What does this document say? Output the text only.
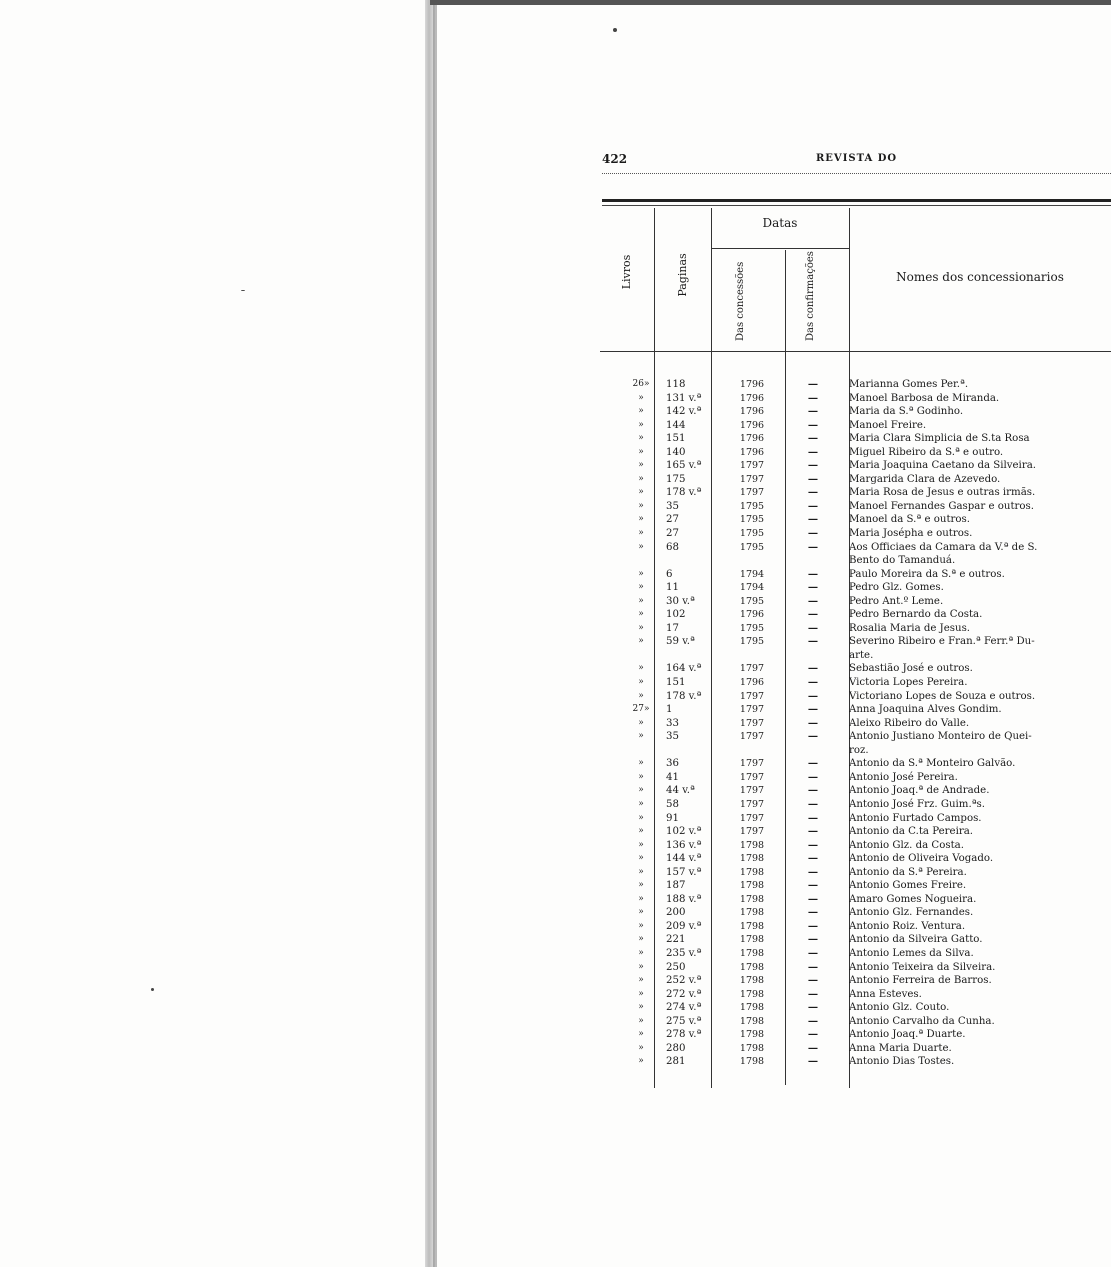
422	REVISTA DO
Livros	Paginas
Datas
Das concessões	Das confirmações	Nomes dos concessionarios
26»	118	1796	—	Marianna Gomes Per.ª.
»	131 v.ª	1796	—	Manoel Barbosa de Miranda.
»	142 v.ª	1796	—	Maria da S.ª Godinho.
»	144	1796	—	Manoel Freire.
»	151	1796	—	Maria Clara Simplicia de S.ta Rosa
»	140	1796	—	Miguel Ribeiro da S.ª e outro.
»	165 v.ª	1797	—	Maria Joaquina Caetano da Silveira.
»	175	1797	—	Margarida Clara de Azevedo.
»	178 v.ª	1797	—	Maria Rosa de Jesus e outras irmãs.
»	35	1795	—	Manoel Fernandes Gaspar e outros.
»	27	1795	—	Manoel da S.ª e outros.
»	27	1795	—	Maria Josépha e outros.
»	68	1795	—	Aos Officiaes da Camara da V.ª de S.
Bento do Tamanduá.
»	6	1794	—	Paulo Moreira da S.ª e outros.
»	11	1794	—	Pedro Glz. Gomes.
»	30 v.ª	1795	—	Pedro Ant.º Leme.
»	102	1796	—	Pedro Bernardo da Costa.
»	17	1795	—	Rosalia Maria de Jesus.
»	59 v.ª	1795	—	Severino Ribeiro e Fran.ª Ferr.ª Du-
arte.
»	164 v.ª	1797	—	Sebastião José e outros.
»	151	1796	—	Victoria Lopes Pereira.
»	178 v.ª	1797	—	Victoriano Lopes de Souza e outros.
27»	1	1797	—	Anna Joaquina Alves Gondim.
»	33	1797	—	Aleixo Ribeiro do Valle.
»	35	1797	—	Antonio Justiano Monteiro de Quei-
roz.
»	36	1797	—	Antonio da S.ª Monteiro Galvão.
»	41	1797	—	Antonio José Pereira.
»	44 v.ª	1797	—	Antonio Joaq.ª de Andrade.
»	58	1797	—	Antonio José Frz. Guim.ªs.
»	91	1797	—	Antonio Furtado Campos.
»	102 v.ª	1797	—	Antonio da C.ta Pereira.
»	136 v.ª	1798	—	Antonio Glz. da Costa.
»	144 v.ª	1798	—	Antonio de Oliveira Vogado.
»	157 v.ª	1798	—	Antonio da S.ª Pereira.
»	187	1798	—	Antonio Gomes Freire.
»	188 v.ª	1798	—	Amaro Gomes Nogueira.
»	200	1798	—	Antonio Glz. Fernandes.
»	209 v.ª	1798	—	Antonio Roiz. Ventura.
»	221	1798	—	Antonio da Silveira Gatto.
»	235 v.ª	1798	—	Antonio Lemes da Silva.
»	250	1798	—	Antonio Teixeira da Silveira.
»	252 v.ª	1798	—	Antonio Ferreira de Barros.
»	272 v.ª	1798	—	Anna Esteves.
»	274 v.ª	1798	—	Antonio Glz. Couto.
»	275 v.ª	1798	—	Antonio Carvalho da Cunha.
»	278 v.ª	1798	—	Antonio Joaq.ª Duarte.
»	280	1798	—	Anna Maria Duarte.
»	281	1798	—	Antonio Dias Tostes.
